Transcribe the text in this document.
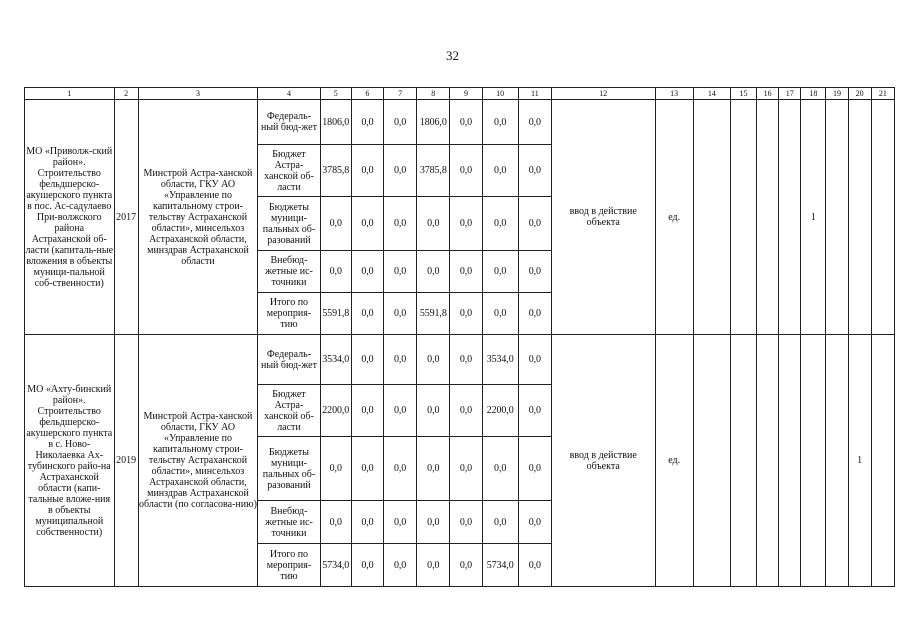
32
1	2	3	4	5	6	7	8	9	10	11	12	13	14	15	16	17	18	19	20	21
МО «Приволж-ский район». Строительство фельдшерско-акушерского пункта в пос. Ас-садулаево При-волжского района Астраханской об-ласти (капиталь-ные вложения в объекты муници-пальной соб-ственности)	2017	Минстрой Астра-ханской области, ГКУ АО «Управление по капитальному строи-тельству Астраханской области», минсельхоз Астраханской области, минздрав Астраханской области	Федераль-ный бюд-жет	1806,0	0,0	0,0	1806,0	0,0	0,0	0,0	ввод в действие объекта	ед.					1			
			Бюджет Астра-ханской об-ласти	3785,8	0,0	0,0	3785,8	0,0	0,0	0,0										
			Бюджеты муници-пальных об-разований	0,0	0,0	0,0	0,0	0,0	0,0	0,0										
			Внебюд-жетные ис-точники	0,0	0,0	0,0	0,0	0,0	0,0	0,0										
			Итого по мероприя-тию	5591,8	0,0	0,0	5591,8	0,0	0,0	0,0										
МО «Ахту-бинский район». Строительство фельдшерско-акушерского пункта в с. Ново-Николаевка Ах-тубинского райо-на Астраханской области (капи-тальные вложе-ния в объекты муниципальной собственности)	2019	Минстрой Астра-ханской области, ГКУ АО «Управление по капитальному строи-тельству Астраханской области», минсельхоз Астраханской области, минздрав Астраханской области (по согласова-нию)	Федераль-ный бюд-жет	3534,0	0,0	0,0	0,0	0,0	3534,0	0,0	ввод в действие объекта	ед.							1	
			Бюджет Астра-ханской об-ласти	2200,0	0,0	0,0	0,0	0,0	2200,0	0,0										
			Бюджеты муници-пальных об-разований	0,0	0,0	0,0	0,0	0,0	0,0	0,0										
			Внебюд-жетные ис-точники	0,0	0,0	0,0	0,0	0,0	0,0	0,0										
			Итого по мероприя-тию	5734,0	0,0	0,0	0,0	0,0	5734,0	0,0										
